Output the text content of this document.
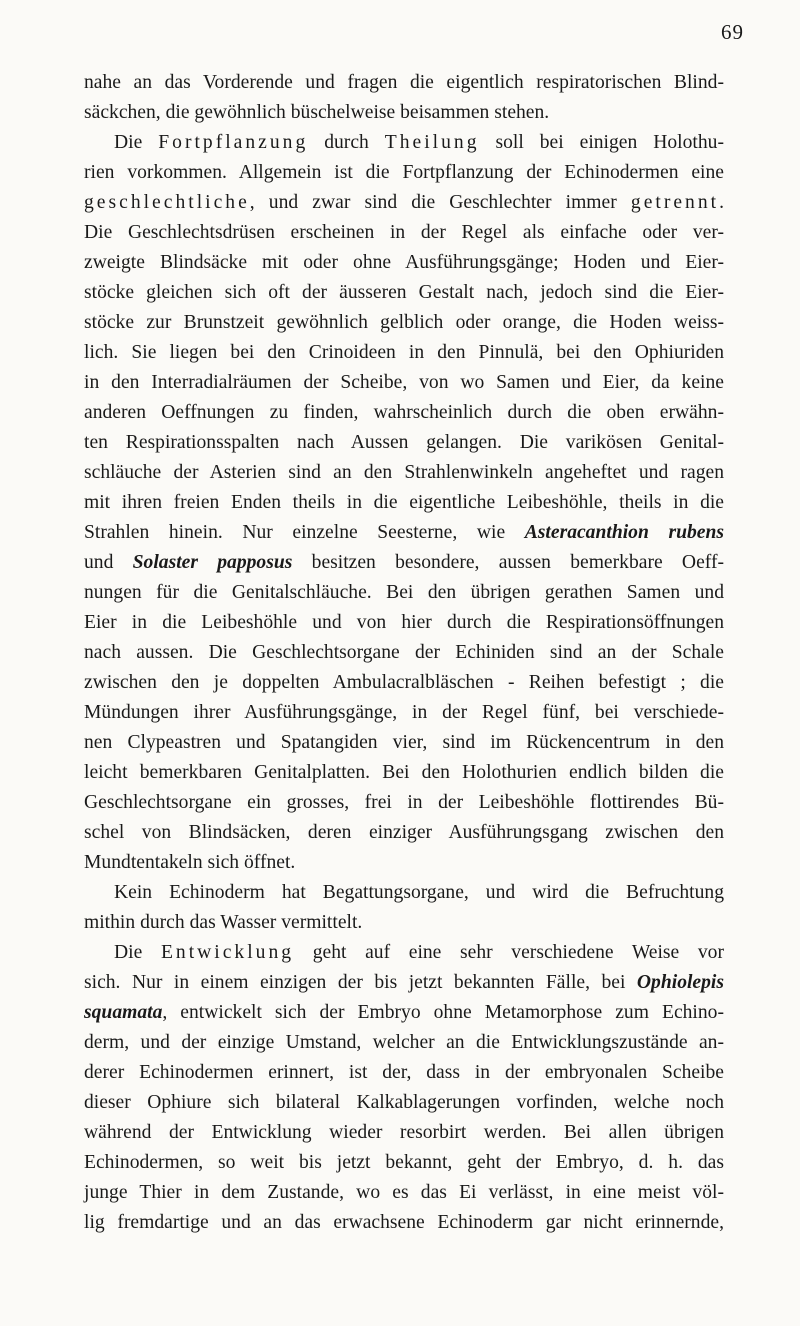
69
nahe an das Vorderende und fragen die eigentlich respiratorischen Blind-
säckchen, die gewöhnlich büschelweise beisammen stehen.
Die Fortpflanzung durch Theilung soll bei einigen Holothu-
rien vorkommen. Allgemein ist die Fortpflanzung der Echinodermen eine
geschlechtliche, und zwar sind die Geschlechter immer getrennt.
Die Geschlechtsdrüsen erscheinen in der Regel als einfache oder ver-
zweigte Blindsäcke mit oder ohne Ausführungsgänge; Hoden und Eier-
stöcke gleichen sich oft der äusseren Gestalt nach, jedoch sind die Eier-
stöcke zur Brunstzeit gewöhnlich gelblich oder orange, die Hoden weiss-
lich. Sie liegen bei den Crinoideen in den Pinnulä, bei den Ophiuriden
in den Interradialräumen der Scheibe, von wo Samen und Eier, da keine
anderen Oeffnungen zu finden, wahrscheinlich durch die oben erwähn-
ten Respirationsspalten nach Aussen gelangen. Die varikösen Genital-
schläuche der Asterien sind an den Strahlenwinkeln angeheftet und ragen
mit ihren freien Enden theils in die eigentliche Leibeshöhle, theils in die
Strahlen hinein. Nur einzelne Seesterne, wie Asteracanthion rubens
und Solaster papposus besitzen besondere, aussen bemerkbare Oeff-
nungen für die Genitalschläuche. Bei den übrigen gerathen Samen und
Eier in die Leibeshöhle und von hier durch die Respirationsöffnungen
nach aussen. Die Geschlechtsorgane der Echiniden sind an der Schale
zwischen den je doppelten Ambulacralbläschen - Reihen befestigt ; die
Mündungen ihrer Ausführungsgänge, in der Regel fünf, bei verschiede-
nen Clypeastren und Spatangiden vier, sind im Rückencentrum in den
leicht bemerkbaren Genitalplatten. Bei den Holothurien endlich bilden die
Geschlechtsorgane ein grosses, frei in der Leibeshöhle flottirendes Bü-
schel von Blindsäcken, deren einziger Ausführungsgang zwischen den
Mundtentakeln sich öffnet.
Kein Echinoderm hat Begattungsorgane, und wird die Befruchtung
mithin durch das Wasser vermittelt.
Die Entwicklung geht auf eine sehr verschiedene Weise vor
sich. Nur in einem einzigen der bis jetzt bekannten Fälle, bei Ophiolepis
squamata, entwickelt sich der Embryo ohne Metamorphose zum Echino-
derm, und der einzige Umstand, welcher an die Entwicklungszustände an-
derer Echinodermen erinnert, ist der, dass in der embryonalen Scheibe
dieser Ophiure sich bilateral Kalkablagerungen vorfinden, welche noch
während der Entwicklung wieder resorbirt werden. Bei allen übrigen
Echinodermen, so weit bis jetzt bekannt, geht der Embryo, d. h. das
junge Thier in dem Zustande, wo es das Ei verlässt, in eine meist völ-
lig fremdartige und an das erwachsene Echinoderm gar nicht erinnernde,
